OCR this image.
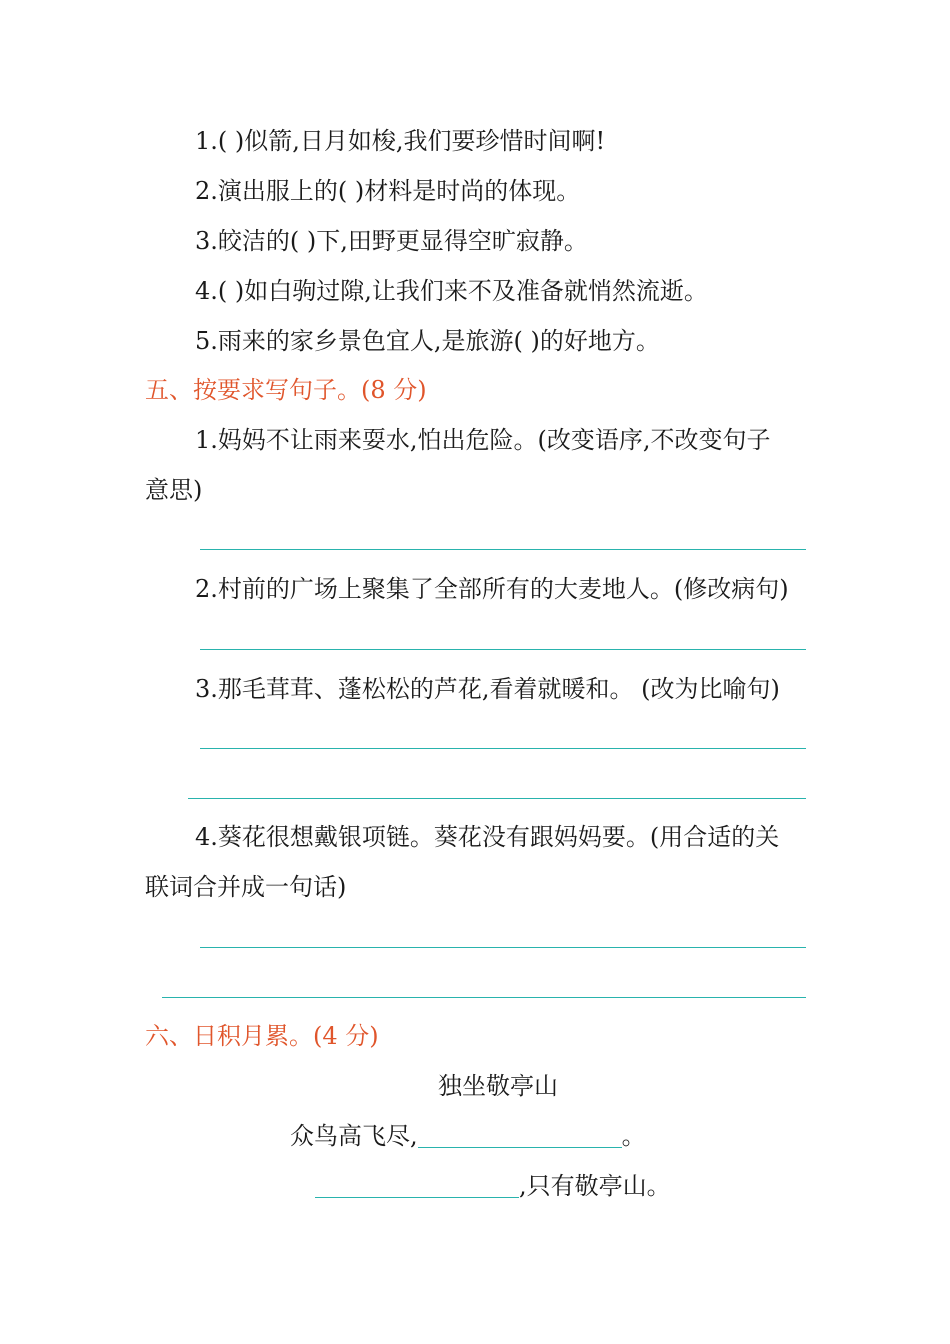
1.( )似箭,日月如梭,我们要珍惜时间啊!
2.演出服上的( )材料是时尚的体现。
3.皎洁的( )下,田野更显得空旷寂静。
4.( )如白驹过隙,让我们来不及准备就悄然流逝。
5.雨来的家乡景色宜人,是旅游( )的好地方。
五、按要求写句子。(8 分)
1.妈妈不让雨来耍水,怕出危险。(改变语序,不改变句子
意思)
2.村前的广场上聚集了全部所有的大麦地人。(修改病句)
3.那毛茸茸、蓬松松的芦花,看着就暖和。 (改为比喻句)
4.葵花很想戴银项链。葵花没有跟妈妈要。(用合适的关
联词合并成一句话)
六、日积月累。(4 分)
独坐敬亭山
众鸟高飞尽,	。
,只有敬亭山。
